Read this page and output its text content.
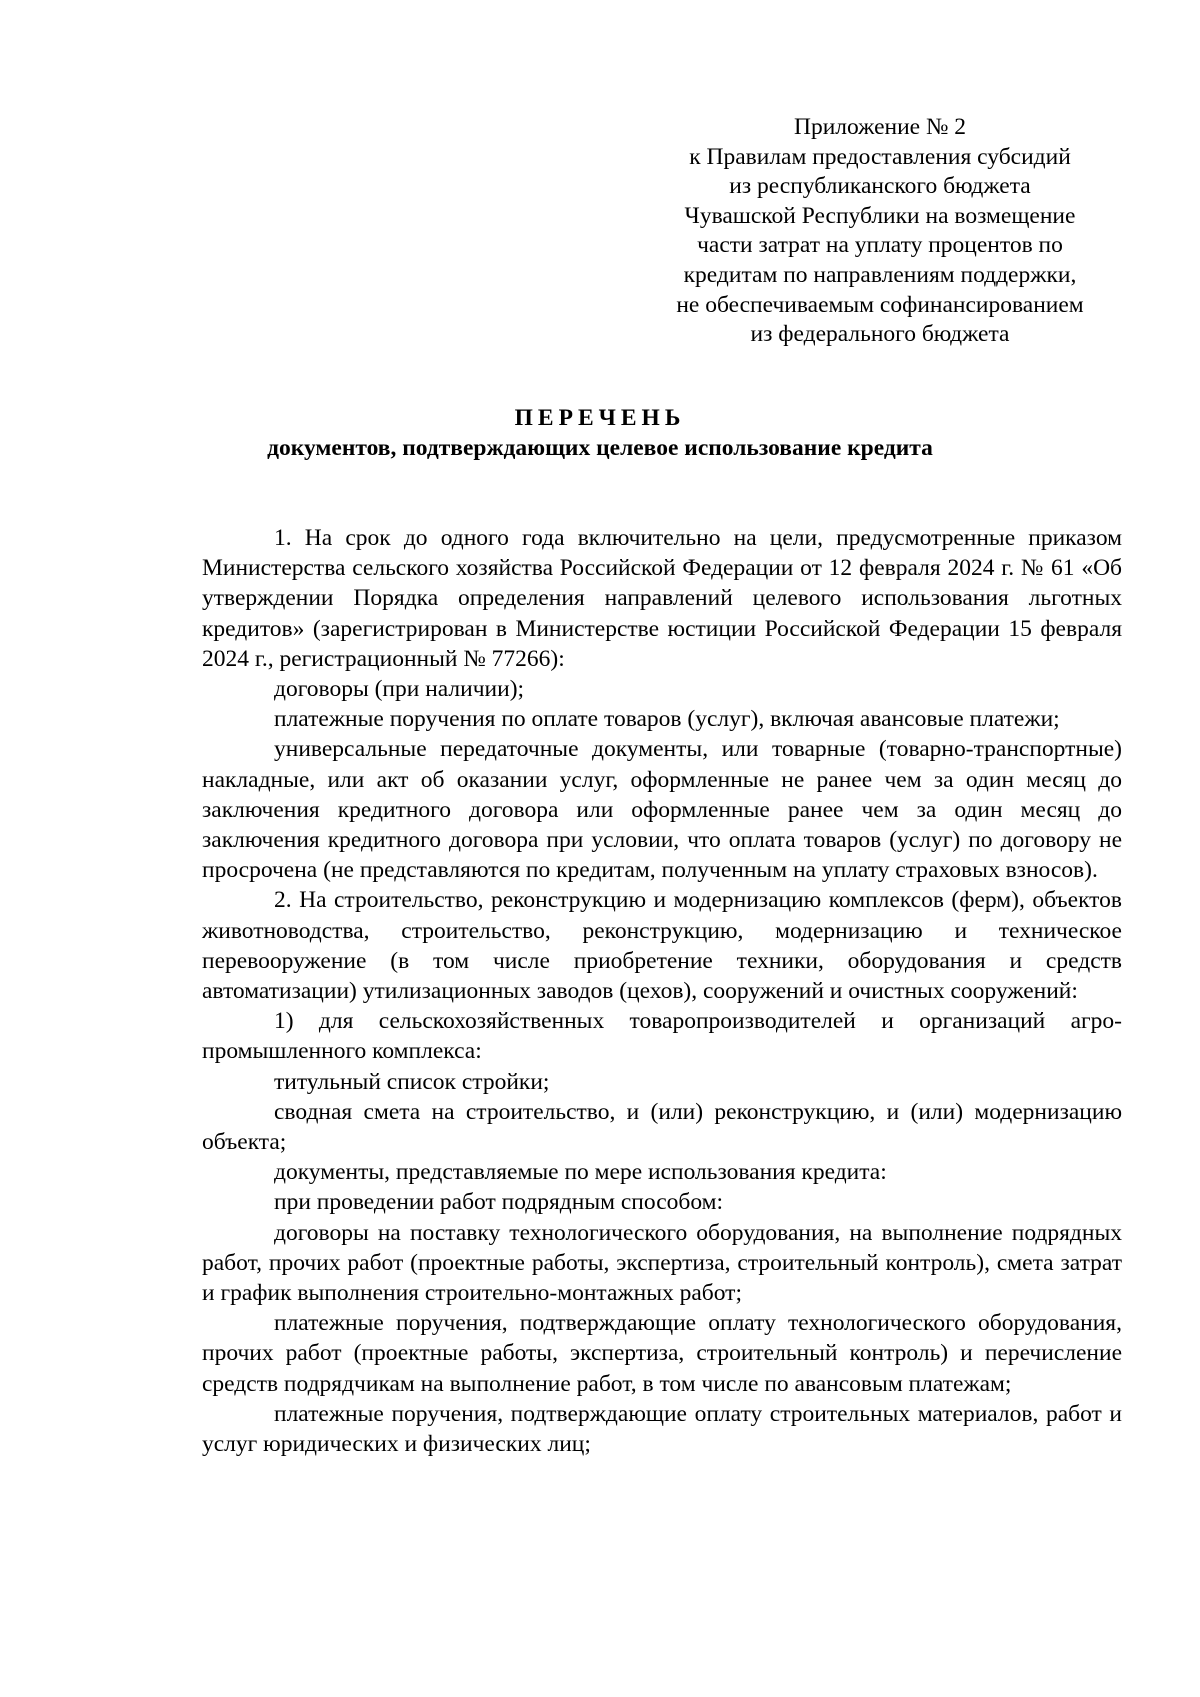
Приложение № 2
к Правилам предоставления субсидий
из республиканского бюджета
Чувашской Республики на возмещение
части затрат на уплату процентов по
кредитам по направлениям поддержки,
не обеспечиваемым софинансированием
из федерального бюджета
ПЕРЕЧЕНЬ
документов, подтверждающих целевое использование кредита

1. На срок до одного года включительно на цели, предусмотренные приказом Министерства сельского хозяйства Российской Федерации от 12 февраля 2024 г. № 61 «Об утверждении Порядка определения направлений целевого использования льготных кредитов» (зарегистрирован в Министерстве юстиции Российской Федерации 15 февраля 2024 г., регистрационный № 77266):

договоры (при наличии);

платежные поручения по оплате товаров (услуг), включая авансовые платежи;

универсальные передаточные документы, или товарные (товарно-транспортные) накладные, или акт об оказании услуг, оформленные не ранее чем за один месяц до заключения кредитного договора или оформленные ранее чем за один месяц до заключения кредитного договора при условии, что оплата товаров (услуг) по договору не просрочена (не представляются по кредитам, полученным на уплату страховых взносов).

2. На строительство, реконструкцию и модернизацию комплексов (ферм), объектов животноводства, строительство, реконструкцию, модернизацию и техническое перевооружение (в том числе приобретение техники, оборудования и средств автоматизации) утилизационных заводов (цехов), сооружений и очистных сооружений:

1) для сельскохозяйственных товаропроизводителей и организаций агропромышленного комплекса:

титульный список стройки;

сводная смета на строительство, и (или) реконструкцию, и (или) модернизацию объекта;

документы, представляемые по мере использования кредита:

при проведении работ подрядным способом:

договоры на поставку технологического оборудования, на выполнение подрядных работ, прочих работ (проектные работы, экспертиза, строительный контроль), смета затрат и график выполнения строительно-монтажных работ;

платежные поручения, подтверждающие оплату технологического оборудования, прочих работ (проектные работы, экспертиза, строительный контроль) и перечисление средств подрядчикам на выполнение работ, в том числе по авансовым платежам;

платежные поручения, подтверждающие оплату строительных материалов, работ и услуг юридических и физических лиц;
